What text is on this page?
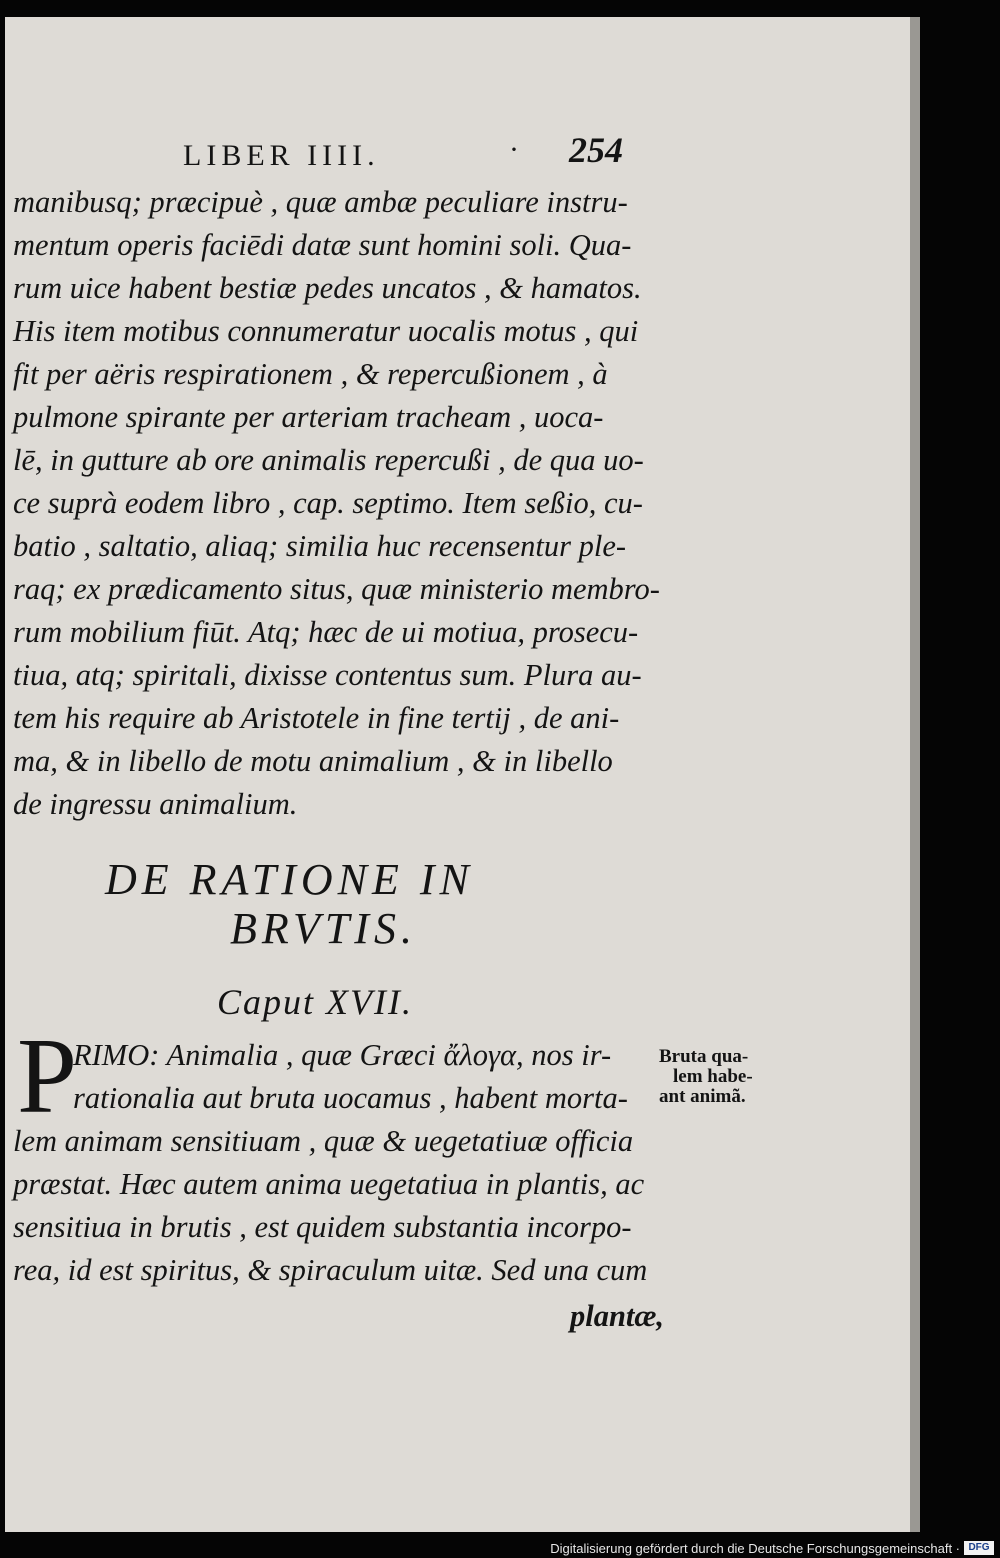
LIBER IIII.	· 254
manibusq; præcipuè , quæ ambæ peculiare instru-
mentum operis faciēdi datæ sunt homini soli. Qua-
rum uice habent bestiæ pedes uncatos , & hamatos.
His item motibus connumeratur uocalis motus , qui
fit per aëris respirationem , & repercußionem , à
pulmone spirante per arteriam tracheam , uoca-
lē, in gutture ab ore animalis repercußi , de qua uo-
ce suprà eodem libro , cap. septimo. Item seßio, cu-
batio , saltatio, aliaq; similia huc recensentur ple-
raq; ex prædicamento situs, quæ ministerio membro-
rum mobilium fiūt. Atq; hæc de ui motiua, prosecu-
tiua, atq; spiritali, dixisse contentus sum. Plura au-
tem his require ab Aristotele in fine tertij , de ani-
ma, & in libello de motu animalium , & in libello
de ingressu animalium.
DE RATIONE IN
BRVTIS.
Caput XVII.
P
RIMO: Animalia , quæ Græci ἄλογα, nos ir-
rationalia aut bruta uocamus , habent morta-
lem animam sensitiuam , quæ & uegetatiuæ officia
præstat. Hæc autem anima uegetatiua in plantis, ac
sensitiua in brutis , est quidem substantia incorpo-
rea, id est spiritus, & spiraculum uitæ. Sed una cum
plantæ,
Bruta qua-
lem habe-
ant animã.
Digitalisierung gefördert durch die Deutsche Forschungsgemeinschaft · DFG
